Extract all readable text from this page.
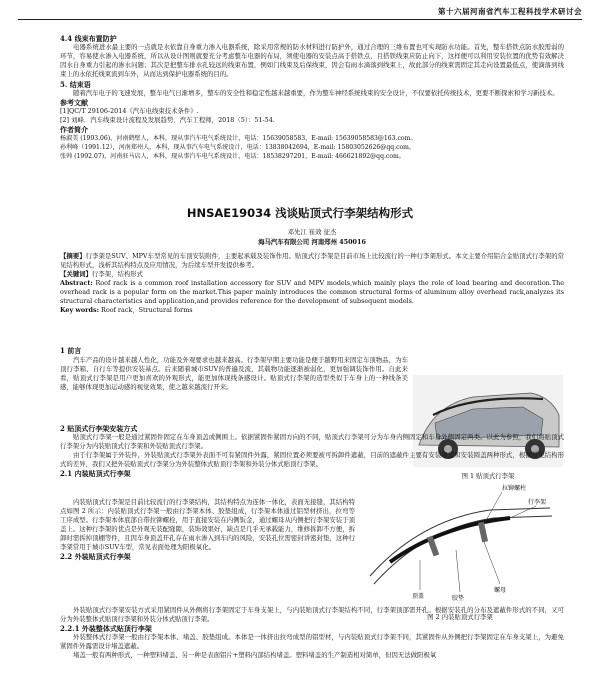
第十六届河南省汽车工程科技学术研讨会
4.4 线束布置防护

电器系统进水最主要的一点就是水依靠自身重力渗入电器系统，除采用常规的防水材料进行防护外，通过合理的三维布置也可实现防水功能。首先，整车搭铁点防水胶需弱的环节，容易使水渗入电器系统，所以从设计图则就要充分考虑整车电器的布局，须使电器的安装点高于搭铁点，且搭铁线束应防止向下，这样便可以利用安装位置的优势有效解决因水自身重力引起的渗水问题；其次是把整车排水孔较远的线束布置，例如门线束及后保线束，因会有雨水滴落到线束上，故此部分的线束需固定其走向设置最低点，使滴落到线束上的水依托线束流到车外，从而达到保护电器系统的目的。

5. 结束语

随着汽车电子的飞速发展，整车电气日渐增多，整车的安全性和稳定性越来越重要，作为整车神经系统线束的安全设计，不仅要依托传统技术，更要不断探索和学习新技术。

参考文献
[1]QC/T 29106-2014《汽车电线束技术条件》.
[2] 刘峰．汽车线束设计流程及发展趋势．汽车工程师，2018（5）：51-54.
作者简介
杨淑美 (1993.06)，河南鹤壁人，本科，现从事汽车电气系统设计，电话：15639058583，E-mail: 15639058583@163.com。
孙利峰（1991.12），河南郑州人，本科，现从事汽车电气系统设计，电话：13838042694，E-mail: 15803052626@qq.com。
张帅 (1992.07)，河南驻马店人，本科，现从事汽车电气系统设计，电话：18538297291，E-mail: 466621892@qq.com。
HNSAE19034 浅谈贴顶式行李架结构形式
邓先江 崔效 征杰
海马汽车有限公司 河南郑州 450016

【摘要】行李架是SUV、MPV车型常见的车顶安装附件，主要起承载及装饰作用。贴顶式行李架是目前市场上比较流行的一种行李架形式。本文主要介绍铝合金贴顶式行李架的常见结构形式，浅析其结构特点及应用情况，为后续车型开发提供参考。

【关键词】行李架，结构形式

Abstract: Roof rack is a common roof installation accessory for SUV and MPV models,which mainly plays the role of load bearing and decoration.The overhead rack is a popular form on the market.This paper mainly introduces the common structural forms of aluminum alloy overhead rack,analyzes its structural characteristics and application,and provides reference for the development of subsequent models.

Key words: Roof rack，Structural forms

1 前言

汽车产品的设计越来越人性化，功能及外观要求也越来越高。行李架早期主要功能是便于越野用来固定车顶物品，为车顶行李箱、自行车等提供安装基点。后来随着城市SUV的普遍及流，其载物功能逐渐被弱化，更加强调装饰作用。自此来看，贴顶式行李架是用户更加喜欢的外观形式，能更加体现线条感设计。贴顶式行李架的造型类似于车身上的一种线条美感，能够体现更加运动感的视觉效果，使之越来越流行开来。

图 1 贴顶式行李架
2 贴顶式行李架安装方式

贴顶式行李架一般是通过紧固件固定在车身顶盖或侧围上。依据紧固件紧固方向的不同，贴顶式行李架可分为车身内侧固定和车身外侧固定两类。以此为参照，我们将贴顶式行李架分为内装贴顶式行李架和外装贴顶式行李架。

由于行李架属于外装件，外装贴顶式行李架外表面不可有紧固件外露，紧固位置必须要被可拆卸件遮蔽，目前的遮蔽件主要有安装堵盖和安装圆盖两种形式，根据常见结构形式的差异，我们又把外装贴顶式行李架分为外装整体式贴顶行李架和外装分体式贴顶行李架。

2.1 内装贴顶式行李架

内装贴顶式行李架是目前比较流行的行李架结构，其结构特点为连体一体化，表面无接缝，其结构特点如图 2 所示：内装贴顶式行李架一般由行李架本体、胶垫组成，行李架本体通过铝型材挤出，拉弯等工序成型。行李架本体底部自带拉铆螺栓，用于直接安装在内侧钣金，通过螺母从内侧把行李架安装于顶盖上。这种行李架的优点是外观无装配缝隙，装饰效果好，缺点是几乎无承载能力，维修拆卸不方便，拆卸时需拆掉顶棚等件，且因车身顶盖开孔存在雨水渗入到车内的风险，安装孔位需密封讲密封垫，这种行李架常用于城市SUV车型，常见表面处理为阳极氧化。

2.2 外装贴顶式行李架
拉铆螺柱
行李架
顶盖	胶垫
螺母
图 2 内装贴顶式行李架

外装贴顶式行李架安装方式采用紧固件从外侧将行李架固定于车身支架上，与内装贴顶式行李架结构不同，行李架顶部需开孔。根据安装孔的分布及遮蔽件形式的不同，又可分为外装整体式贴顶行李架和外装分体式贴顶行李架。

2.2.1 外装整体式贴顶行李架

外装整体式行李架一般由行李架本体、堵盖、胶垫组成。本体是一体挤出拉弯成型的铝型材，与内装贴顶式行李架不同，其紧固件从外侧把行李架固定在车身支架上，为避免紧固件外露需设计堵盖遮蔽。

堵盖一般有两种形式，一种塑料堵盖、另一种是表面铝片+塑料内部结构堵盖。塑料堵盖的生产制造相对简单，但因无法做阳极氧
